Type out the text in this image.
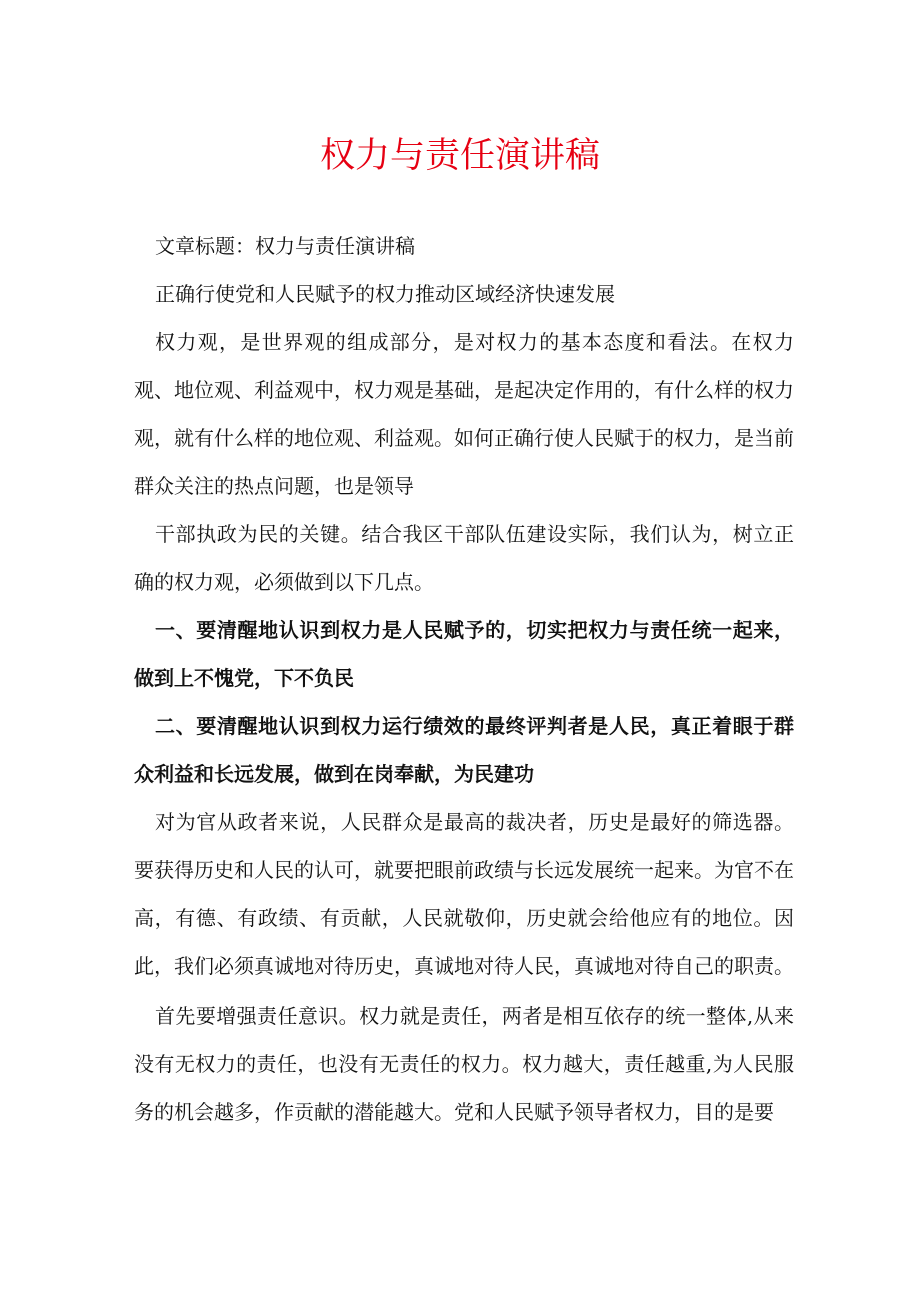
权力与责任演讲稿

文章标题：权力与责任演讲稿

正确行使党和人民赋予的权力推动区域经济快速发展

权力观，是世界观的组成部分，是对权力的基本态度和看法。在权力观、地位观、利益观中，权力观是基础，是起决定作用的，有什么样的权力观，就有什么样的地位观、利益观。如何正确行使人民赋于的权力，是当前群众关注的热点问题，也是领导

干部执政为民的关键。结合我区干部队伍建设实际，我们认为，树立正确的权力观，必须做到以下几点。

一、要清醒地认识到权力是人民赋予的，切实把权力与责任统一起来，做到上不愧党，下不负民

二、要清醒地认识到权力运行绩效的最终评判者是人民，真正着眼于群众利益和长远发展，做到在岗奉献，为民建功

对为官从政者来说，人民群众是最高的裁决者，历史是最好的筛选器。要获得历史和人民的认可，就要把眼前政绩与长远发展统一起来。为官不在高，有德、有政绩、有贡献，人民就敬仰，历史就会给他应有的地位。因此，我们必须真诚地对待历史，真诚地对待人民，真诚地对待自己的职责。

首先要增强责任意识。权力就是责任，两者是相互依存的统一整体,从来没有无权力的责任，也没有无责任的权力。权力越大，责任越重,为人民服务的机会越多，作贡献的潜能越大。党和人民赋予领导者权力，目的是要
